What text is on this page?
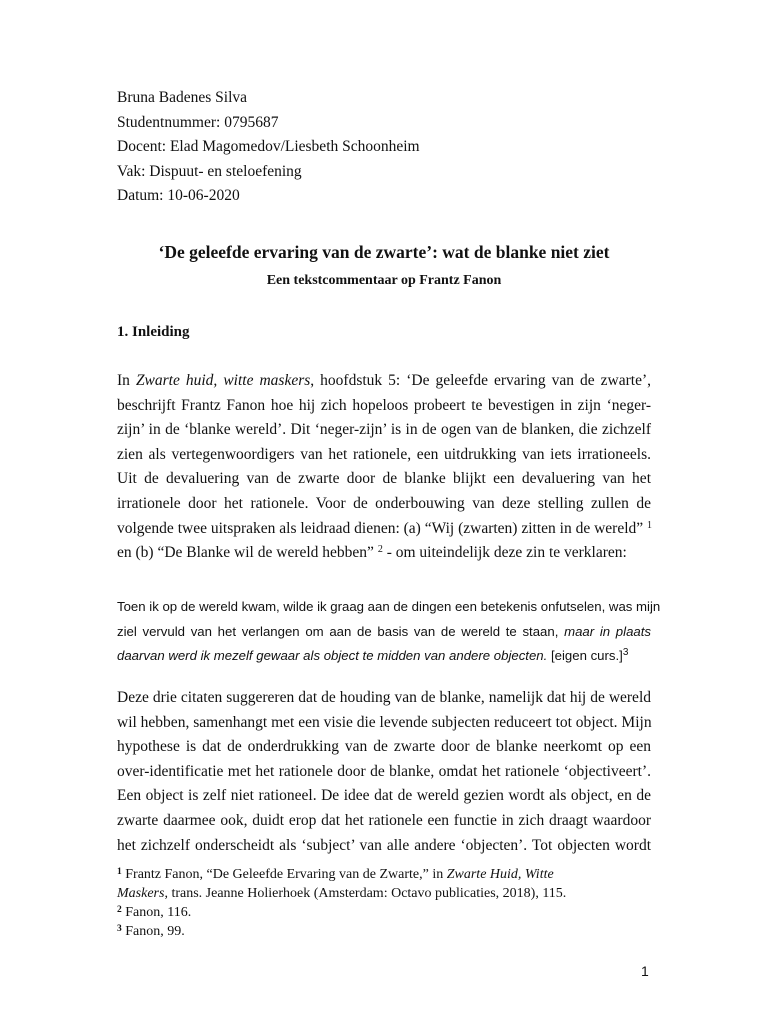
Bruna Badenes Silva
Studentnummer: 0795687
Docent: Elad Magomedov/Liesbeth Schoonheim
Vak: Dispuut- en steloefening
Datum: 10-06-2020
‘De geleefde ervaring van de zwarte’: wat de blanke niet ziet
Een tekstcommentaar op Frantz Fanon
1. Inleiding
In Zwarte huid, witte maskers, hoofdstuk 5: ‘De geleefde ervaring van de zwarte’,
beschrijft Frantz Fanon hoe hij zich hopeloos probeert te bevestigen in zijn ‘neger-
zijn’ in de ‘blanke wereld’. Dit ‘neger-zijn’ is in de ogen van de blanken, die zichzelf
zien als vertegenwoordigers van het rationele, een uitdrukking van iets irrationeels.
Uit de devaluering van de zwarte door de blanke blijkt een devaluering van het
irrationele door het rationele. Voor de onderbouwing van deze stelling zullen de
volgende twee uitspraken als leidraad dienen: (a) “Wij (zwarten) zitten in de wereld” $^1$
en (b) “De Blanke wil de wereld hebben” $^2$ - om uiteindelijk deze zin te verklaren:
Toen ik op de wereld kwam, wilde ik graag aan de dingen een betekenis onfutselen, was mijn
ziel vervuld van het verlangen om aan de basis van de wereld te staan, maar in plaats
daarvan werd ik mezelf gewaar als object te midden van andere objecten. [eigen curs.]$^3$
Deze drie citaten suggereren dat de houding van de blanke, namelijk dat hij de wereld
wil hebben, samenhangt met een visie die levende subjecten reduceert tot object. Mijn
hypothese is dat de onderdrukking van de zwarte door de blanke neerkomt op een
over-identificatie met het rationele door de blanke, omdat het rationele ‘objectiveert’.
Een object is zelf niet rationeel. De idee dat de wereld gezien wordt als object, en de
zwarte daarmee ook, duidt erop dat het rationele een functie in zich draagt waardoor
het zichzelf onderscheidt als ‘subject’ van alle andere ‘objecten’. Tot objecten wordt
$^1$ Frantz Fanon, “De Geleefde Ervaring van de Zwarte,” in Zwarte Huid, Witte
Maskers, trans. Jeanne Holierhoek (Amsterdam: Octavo publicaties, 2018), 115.
$^2$ Fanon, 116.
$^3$ Fanon, 99.
1
